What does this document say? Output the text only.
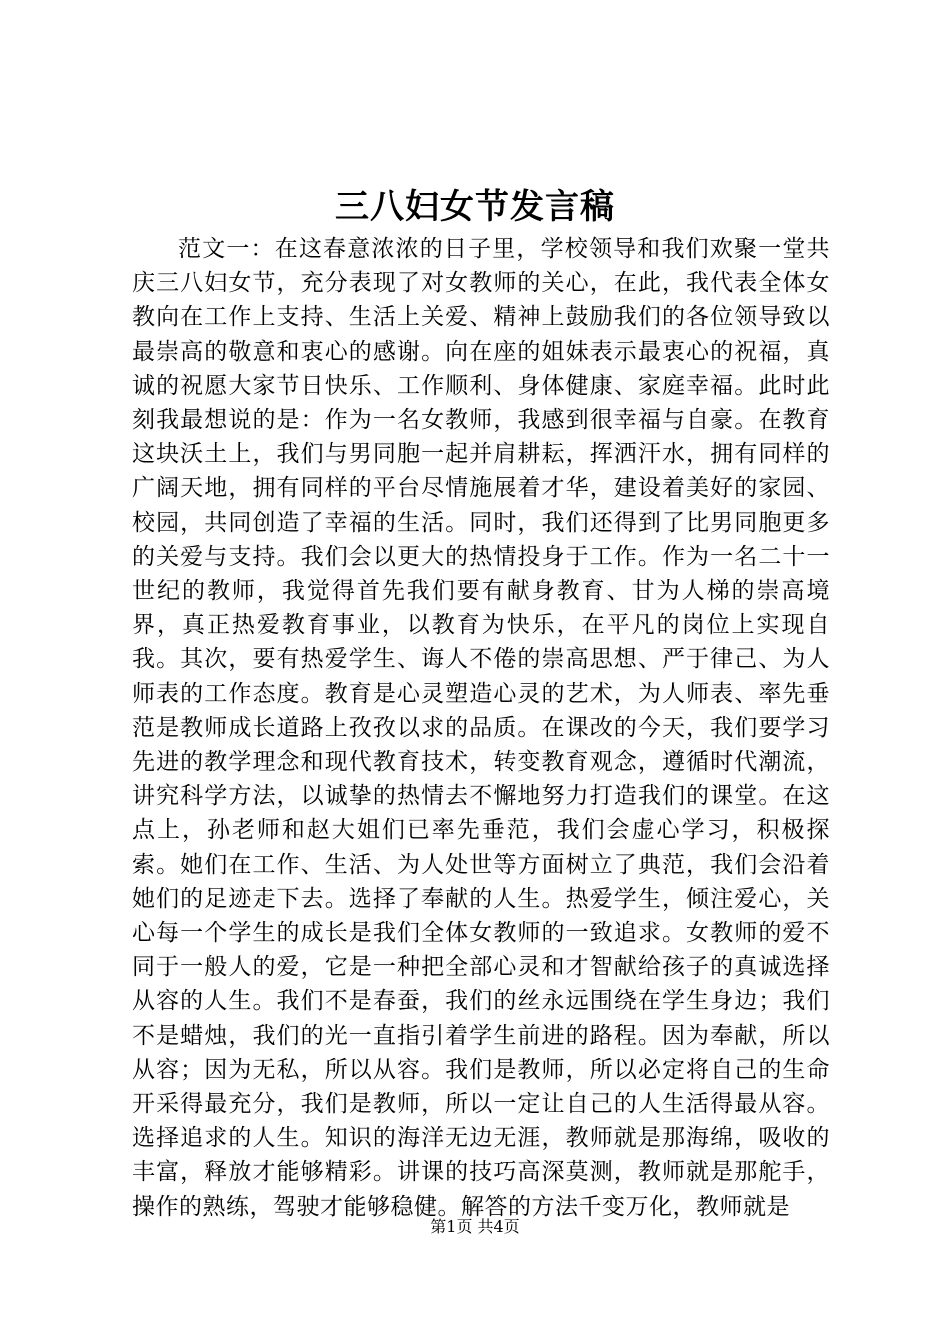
三八妇女节发言稿

范文一：在这春意浓浓的日子里，学校领导和我们欢聚一堂共庆三八妇女节，充分表现了对女教师的关心，在此，我代表全体女教向在工作上支持、生活上关爱、精神上鼓励我们的各位领导致以最崇高的敬意和衷心的感谢。向在座的姐妹表示最衷心的祝福，真诚的祝愿大家节日快乐、工作顺利、身体健康、家庭幸福。此时此刻我最想说的是：作为一名女教师，我感到很幸福与自豪。在教育这块沃土上，我们与男同胞一起并肩耕耘，挥洒汗水，拥有同样的广阔天地，拥有同样的平台尽情施展着才华，建设着美好的家园、校园，共同创造了幸福的生活。同时，我们还得到了比男同胞更多的关爱与支持。我们会以更大的热情投身于工作。作为一名二十一世纪的教师，我觉得首先我们要有献身教育、甘为人梯的崇高境界，真正热爱教育事业，以教育为快乐，在平凡的岗位上实现自我。其次，要有热爱学生、诲人不倦的崇高思想、严于律己、为人师表的工作态度。教育是心灵塑造心灵的艺术，为人师表、率先垂范是教师成长道路上孜孜以求的品质。在课改的今天，我们要学习先进的教学理念和现代教育技术，转变教育观念，遵循时代潮流，讲究科学方法，以诚挚的热情去不懈地努力打造我们的课堂。在这点上，孙老师和赵大姐们已率先垂范，我们会虚心学习，积极探索。她们在工作、生活、为人处世等方面树立了典范，我们会沿着她们的足迹走下去。选择了奉献的人生。热爱学生，倾注爱心，关心每一个学生的成长是我们全体女教师的一致追求。女教师的爱不同于一般人的爱，它是一种把全部心灵和才智献给孩子的真诚选择从容的人生。我们不是春蚕，我们的丝永远围绕在学生身边；我们不是蜡烛，我们的光一直指引着学生前进的路程。因为奉献，所以从容；因为无私，所以从容。我们是教师，所以必定将自己的生命开采得最充分，我们是教师，所以一定让自己的人生活得最从容。选择追求的人生。知识的海洋无边无涯，教师就是那海绵，吸收的丰富，释放才能够精彩。讲课的技巧高深莫测，教师就是那舵手，操作的熟练，驾驶才能够稳健。解答的方法千变万化，教师就是

第1页 共4页
